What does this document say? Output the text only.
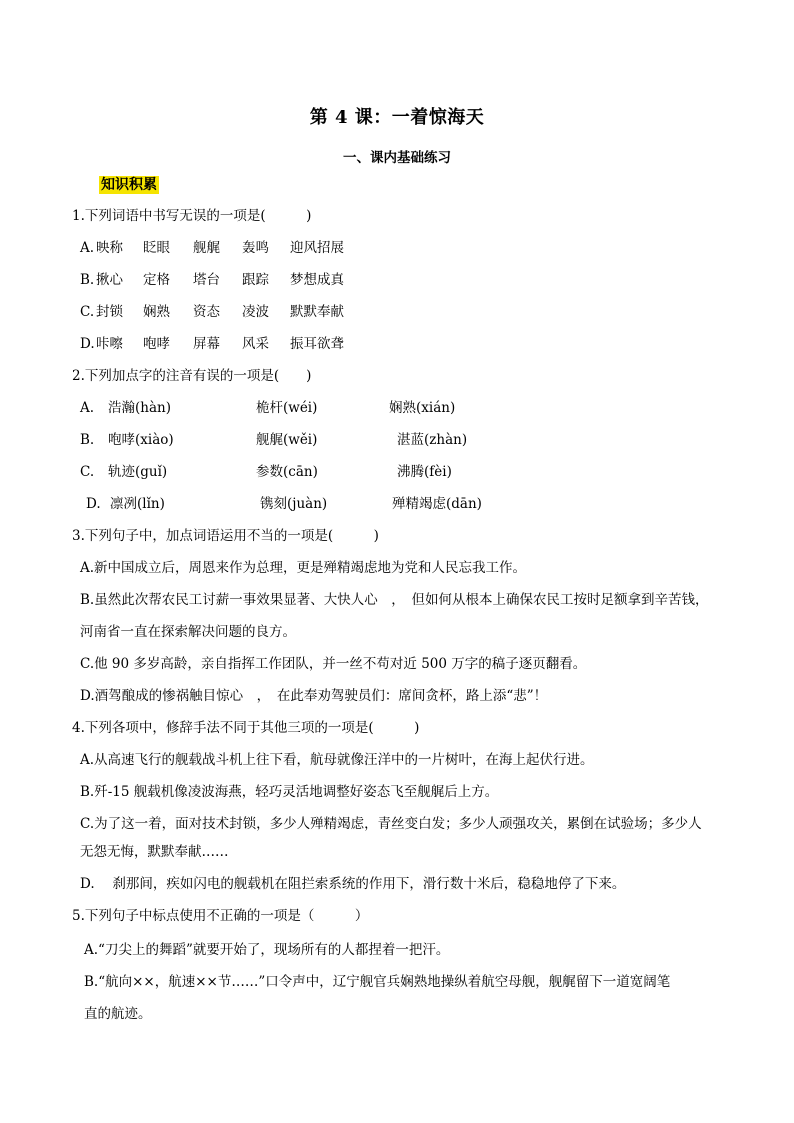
第 4 课：一着惊海天
一、课内基础练习
知识积累
1.下列词语中书写无误的一项是(　　　)
A. 映称 眨眼 舰艉 轰鸣 迎风招展
B. 揪心 定格 塔台 跟踪 梦想成真
C. 封锁 娴熟 资态 凌波 默默奉献
D. 咔嚓 咆哮 屏幕 风采 振耳欲聋
2.下列加点字的注音有误的一项是(　　)
A. 浩瀚(hàn)	桅杆(wéi)	娴熟(xián)
B. 咆哮(xiào)	舰艉(wěi)	湛蓝(zhàn)
C. 轨迹(guǐ)	参数(cān)	沸腾(fèi)
D. 凛冽(lǐn)	镌刻(juàn)	殚精竭虑(dān)
3.下列句子中，加点词语运用不当的一项是(　　　)
A.新中国成立后，周恩来作为总理，更是殚精竭虑地为党和人民忘我工作。
B.虽然此次帮农民工讨薪一事效果显著、大快人心　，　但如何从根本上确保农民工按时足额拿到辛苦钱，
河南省一直在探索解决问题的良方。
C.他 90 多岁高龄，亲自指挥工作团队，并一丝不苟对近 500 万字的稿子逐页翻看。
D.酒驾酿成的惨祸触目惊心　，　在此奉劝驾驶员们：席间贪杯，路上添“悲”！
4.下列各项中，修辞手法不同于其他三项的一项是(　　　)
A.从高速飞行的舰载战斗机上往下看，航母就像汪洋中的一片树叶，在海上起伏行进。
B.歼-15 舰载机像凌波海燕，轻巧灵活地调整好姿态飞至舰艉后上方。
C.为了这一着，面对技术封锁，多少人殚精竭虑，青丝变白发；多少人顽强攻关，累倒在试验场；多少人
无怨无悔，默默奉献……
D.　 刹那间，疾如闪电的舰载机在阻拦索系统的作用下，滑行数十米后，稳稳地停了下来。
5.下列句子中标点使用不正确的一项是（　　　）
A.“刀尖上的舞蹈”就要开始了，现场所有的人都捏着一把汗。
B.“航向××，航速××节……”口令声中，辽宁舰官兵娴熟地操纵着航空母舰，舰艉留下一道宽阔笔
直的航迹。
